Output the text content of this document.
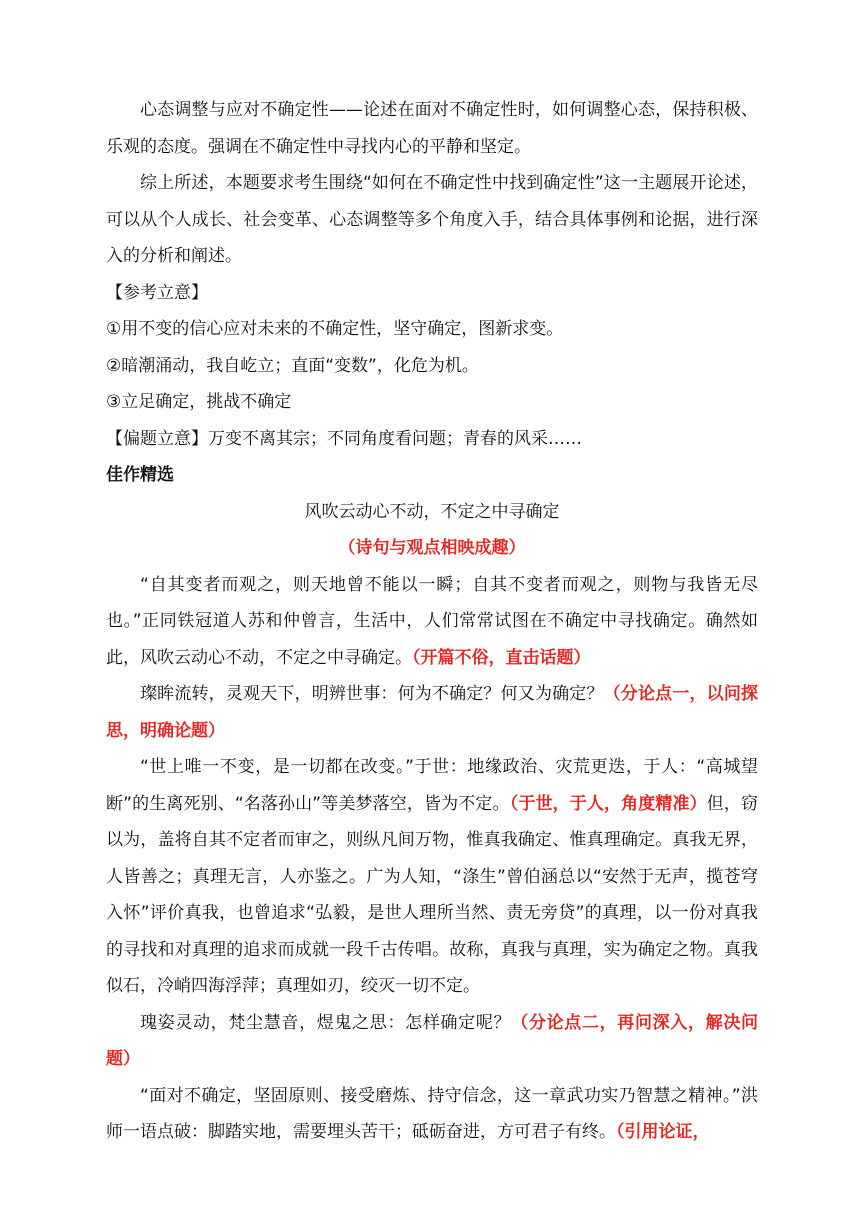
心态调整与应对不确定性——论述在面对不确定性时，如何调整心态，保持积极、乐观的态度。强调在不确定性中寻找内心的平静和坚定。

综上所述，本题要求考生围绕“如何在不确定性中找到确定性”这一主题展开论述，可以从个人成长、社会变革、心态调整等多个角度入手，结合具体事例和论据，进行深入的分析和阐述。

【参考立意】

①用不变的信心应对未来的不确定性，坚守确定，图新求变。

②暗潮涌动，我自屹立；直面“变数”，化危为机。

③立足确定，挑战不确定

【偏题立意】万变不离其宗；不同角度看问题；青春的风采……

佳作精选

风吹云动心不动，不定之中寻确定

（诗句与观点相映成趣）

“自其变者而观之，则天地曾不能以一瞬；自其不变者而观之，则物与我皆无尽也。”正同铁冠道人苏和仲曾言，生活中，人们常常试图在不确定中寻找确定。确然如此，风吹云动心不动，不定之中寻确定。（开篇不俗，直击话题）

璨眸流转，灵观天下，明辨世事：何为不确定？何又为确定？（分论点一，以问探思，明确论题）

“世上唯一不变，是一切都在改变。”于世：地缘政治、灾荒更迭，于人：“高城望断”的生离死别、“名落孙山”等美梦落空，皆为不定。（于世，于人，角度精准）但，窃以为，盖将自其不定者而审之，则纵凡间万物，惟真我确定、惟真理确定。真我无界，人皆善之；真理无言，人亦鉴之。广为人知，“涤生”曾伯涵总以“安然于无声，揽苍穹入怀”评价真我，也曾追求“弘毅，是世人理所当然、责无旁贷”的真理，以一份对真我的寻找和对真理的追求而成就一段千古传唱。故称，真我与真理，实为确定之物。真我似石，冷峭四海浮萍；真理如刃，绞灭一切不定。

瑰姿灵动，梵尘慧音，煜鬼之思：怎样确定呢？（分论点二，再问深入，解决问题）

“面对不确定，坚固原则、接受磨炼、持守信念，这一章武功实乃智慧之精神。”洪师一语点破：脚踏实地，需要埋头苦干；砥砺奋进，方可君子有终。（引用论证，
